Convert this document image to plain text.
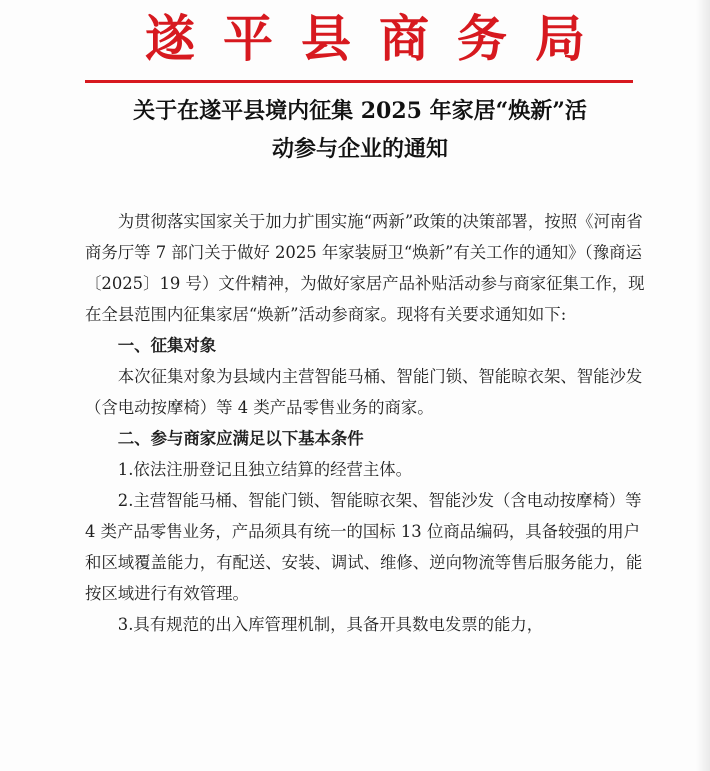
遂平县商务局
关于在遂平县境内征集 2025 年家居“焕新”活
动参与企业的通知

为贯彻落实国家关于加力扩围实施“两新”政策的决策部署，按照《河南省商务厅等 7 部门关于做好 2025 年家装厨卫“焕新”有关工作的通知》（豫商运〔2025〕19 号）文件精神，为做好家居产品补贴活动参与商家征集工作，现在全县范围内征集家居“焕新”活动参商家。现将有关要求通知如下:

一、征集对象

本次征集对象为县域内主营智能马桶、智能门锁、智能晾衣架、智能沙发（含电动按摩椅）等 4 类产品零售业务的商家。

二、参与商家应满足以下基本条件

1.依法注册登记且独立结算的经营主体。

2.主营智能马桶、智能门锁、智能晾衣架、智能沙发（含电动按摩椅）等 4 类产品零售业务，产品须具有统一的国标 13 位商品编码，具备较强的用户和区域覆盖能力，有配送、安装、调试、维修、逆向物流等售后服务能力，能按区域进行有效管理。

3.具有规范的出入库管理机制，具备开具数电发票的能力，
